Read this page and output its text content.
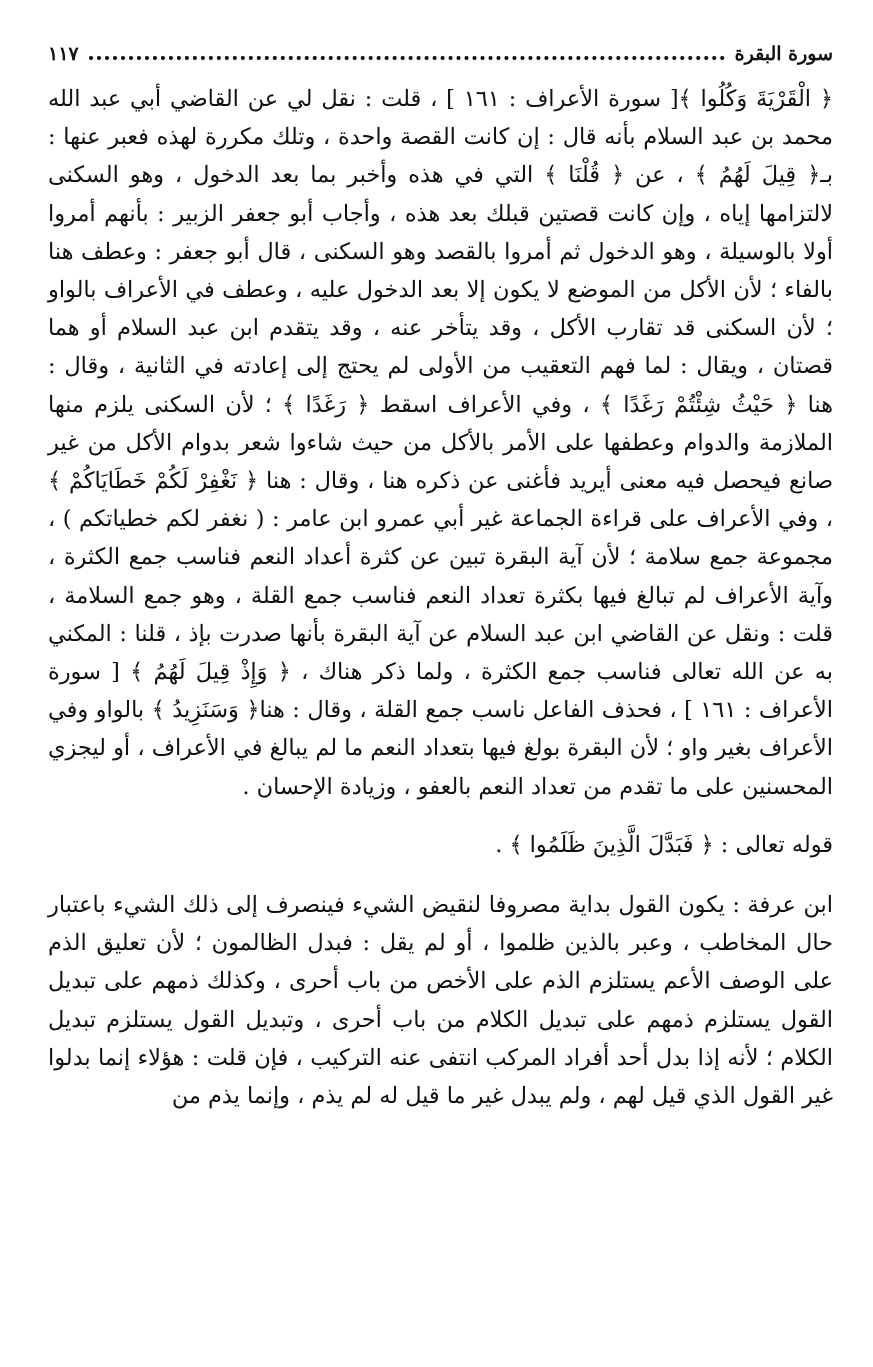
سورة البقرة
١١٧

﴿ الْقَرْيَةَ وَكُلُوا ﴾[ سورة الأعراف : ١٦١ ] ، قلت : نقل لي عن القاضي أبي عبد الله محمد بن عبد السلام بأنه قال : إن كانت القصة واحدة ، وتلك مكررة لهذه فعبر عنها : بـ﴿ قِيلَ لَهُمُ ﴾ ، عن ﴿ قُلْنَا ﴾ التي في هذه وأخبر بما بعد الدخول ، وهو السكنى لالتزامها إياه ، وإن كانت قصتين قبلك بعد هذه ، وأجاب أبو جعفر الزبير : بأنهم أمروا أولا بالوسيلة ، وهو الدخول ثم أمروا بالقصد وهو السكنى ، قال أبو جعفر : وعطف هنا بالفاء ؛ لأن الأكل من الموضع لا يكون إلا بعد الدخول عليه ، وعطف في الأعراف بالواو ؛ لأن السكنى قد تقارب الأكل ، وقد يتأخر عنه ، وقد يتقدم ابن عبد السلام أو هما قصتان ، ويقال : لما فهم التعقيب من الأولى لم يحتج إلى إعادته في الثانية ، وقال : هنا ﴿ حَيْثُ شِئْتُمْ رَغَدًا ﴾ ، وفي الأعراف اسقط ﴿ رَغَدًا ﴾ ؛ لأن السكنى يلزم منها الملازمة والدوام وعطفها على الأمر بالأكل من حيث شاءوا شعر بدوام الأكل من غير صانع فيحصل فيه معنى أيريد فأغنى عن ذكره هنا ، وقال : هنا ﴿ نَغْفِرْ لَكُمْ خَطَايَاكُمْ ﴾ ، وفي الأعراف على قراءة الجماعة غير أبي عمرو ابن عامر : ( نغفر لكم خطياتكم ) ، مجموعة جمع سلامة ؛ لأن آية البقرة تبين عن كثرة أعداد النعم فناسب جمع الكثرة ، وآية الأعراف لم تبالغ فيها بكثرة تعداد النعم فناسب جمع القلة ، وهو جمع السلامة ، قلت : ونقل عن القاضي ابن عبد السلام عن آية البقرة بأنها صدرت بإذ ، قلنا : المكني به عن الله تعالى فناسب جمع الكثرة ، ولما ذكر هناك ، ﴿ وَإِذْ قِيلَ لَهُمُ ﴾ [ سورة الأعراف : ١٦١ ] ، فحذف الفاعل ناسب جمع القلة ، وقال : هنا﴿ وَسَنَزِيدُ ﴾ بالواو وفي الأعراف بغير واو ؛ لأن البقرة بولغ فيها بتعداد النعم ما لم يبالغ في الأعراف ، أو ليجزي المحسنين على ما تقدم من تعداد النعم بالعفو ، وزيادة الإحسان .

قوله تعالى : ﴿ فَبَدَّلَ الَّذِينَ ظَلَمُوا ﴾ .

ابن عرفة : يكون القول بداية مصروفا لنقيض الشيء فينصرف إلى ذلك الشيء باعتبار حال المخاطب ، وعبر بالذين ظلموا ، أو لم يقل : فبدل الظالمون ؛ لأن تعليق الذم على الوصف الأعم يستلزم الذم على الأخص من باب أحرى ، وكذلك ذمهم على تبديل القول يستلزم ذمهم على تبديل الكلام من باب أحرى ، وتبديل القول يستلزم تبديل الكلام ؛ لأنه إذا بدل أحد أفراد المركب انتفى عنه التركيب ، فإن قلت : هؤلاء إنما بدلوا غير القول الذي قيل لهم ، ولم يبدل غير ما قيل له لم يذم ، وإنما يذم من
